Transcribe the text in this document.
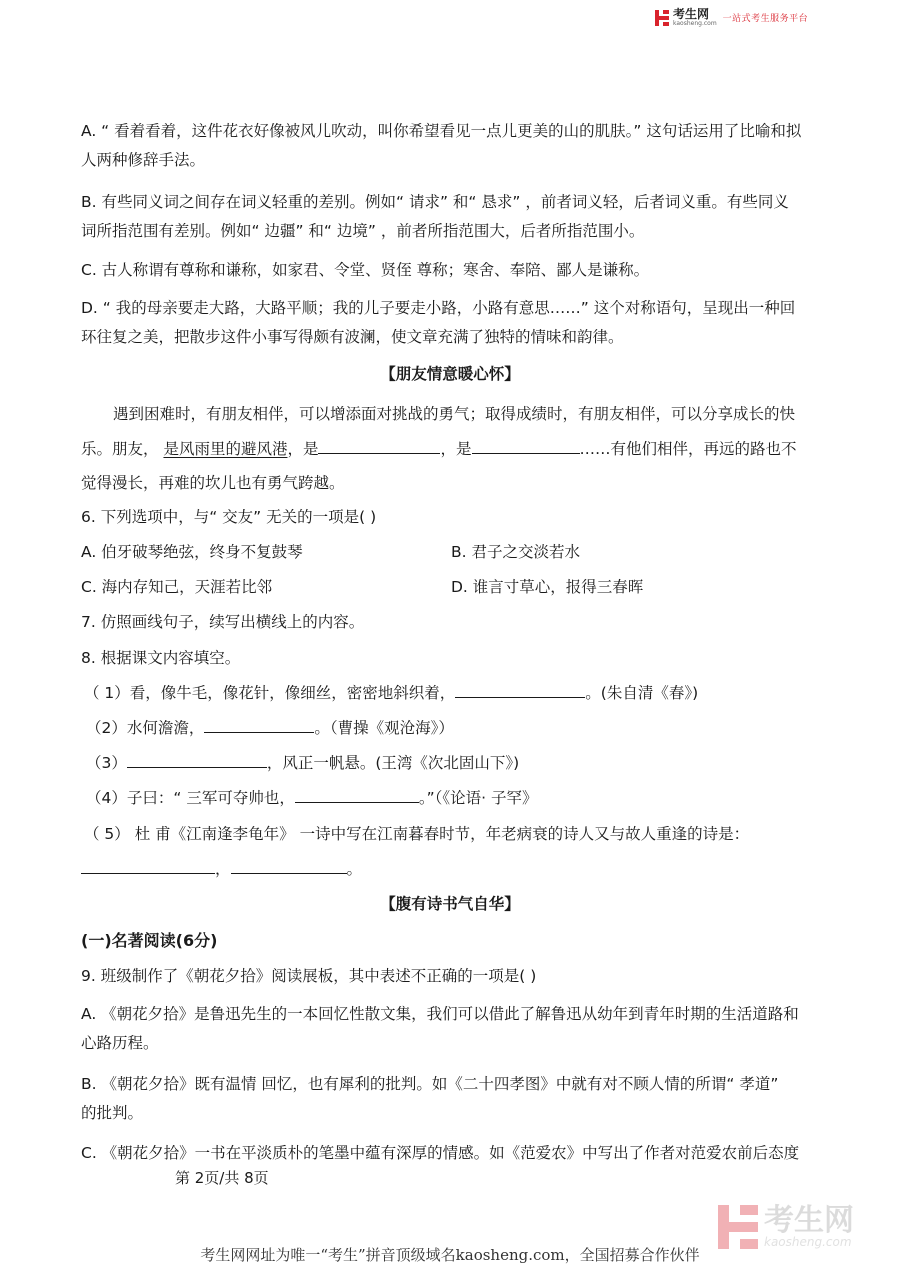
考生网
kaosheng.com 一站式考生服务平台
A. “ 看着看着，这件花衣好像被风儿吹动，叫你希望看见一点儿更美的山的肌肤。” 这句话运用了比喻和拟
人两种修辞手法。
B. 有些同义词之间存在词义轻重的差别。例如“ 请求” 和“ 恳求” ，前者词义轻，后者词义重。有些同义
词所指范围有差别。例如“ 边疆” 和“ 边境” ，前者所指范围大，后者所指范围小。
C. 古人称谓有尊称和谦称，如家君、令堂、贤侄 尊称；寒舍、奉陪、鄙人是谦称。
D. “ 我的母亲要走大路，大路平顺；我的儿子要走小路，小路有意思……” 这个对称语句，呈现出一种回
环往复之美，把散步这件小事写得颇有波澜，使文章充满了独特的情味和韵律。
【朋友情意暖心怀】
遇到困难时，有朋友相伴，可以增添面对挑战的勇气；取得成绩时，有朋友相伴，可以分享成长的快
乐。朋友， 是风雨里的避风港，是	，是	……有他们相伴，再远的路也不
觉得漫长，再难的坎儿也有勇气跨越。
6. 下列选项中，与“ 交友” 无关的一项是( )
A. 伯牙破琴绝弦，终身不复鼓琴	B. 君子之交淡若水
C. 海内存知己，天涯若比邻	D. 谁言寸草心，报得三春晖
7. 仿照画线句子，续写出横线上的内容。
8. 根据课文内容填空。
（ 1）看，像牛毛，像花针，像细丝，密密地斜织着，	。(朱自清《春》)
（2）水何澹澹，	。（曹操《观沧海》）
（3）	，风正一帆悬。(王湾《次北固山下》)
（4）子曰：“ 三军可夺帅也，	。”（《论语· 子罕》
（ 5） 杜 甫《江南逢李龟年》 一诗中写在江南暮春时节，年老病衰的诗人又与故人重逢的诗是：
，	。
【腹有诗书气自华】
(一)名著阅读(6分)
9. 班级制作了《朝花夕拾》阅读展板，其中表述不正确的一项是( )
A. 《朝花夕拾》是鲁迅先生的一本回忆性散文集，我们可以借此了解鲁迅从幼年到青年时期的生活道路和
心路历程。
B. 《朝花夕拾》既有温情 回忆，也有犀利的批判。如《二十四孝图》中就有对不顾人情的所谓“ 孝道”
的批判。
C. 《朝花夕拾》一书在平淡质朴的笔墨中蕴有深厚的情感。如《范爱农》中写出了作者对范爱农前后态度
第 2页/共 8页
考生网
kaosheng.com
考生网网址为唯一“考生”拼音顶级域名kaosheng.com，全国招募合作伙伴
